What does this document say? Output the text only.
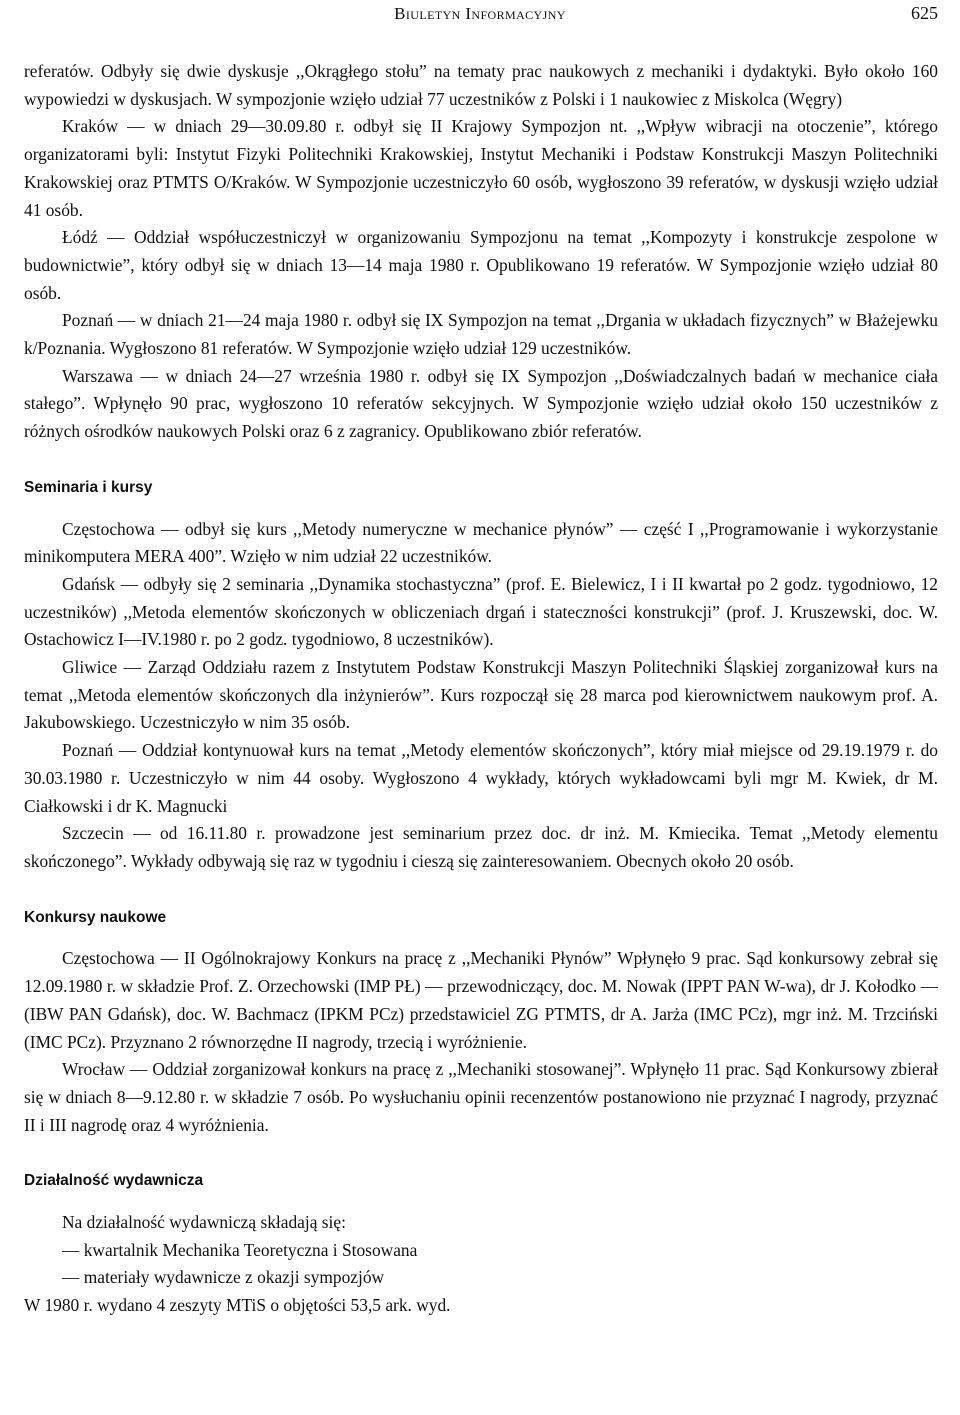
Biuletyn Informacyjny	625

referatów. Odbyły się dwie dyskusje ,,Okrągłego stołu” na tematy prac naukowych z mechaniki i dydaktyki. Było około 160 wypowiedzi w dyskusjach. W sympozjonie wzięło udział 77 uczestników z Polski i 1 naukowiec z Miskolca (Węgry)

Kraków — w dniach 29—30.09.80 r. odbył się II Krajowy Sympozjon nt. ,,Wpływ wibracji na otoczenie”, którego organizatorami byli: Instytut Fizyki Politechniki Krakowskiej, Instytut Mechaniki i Podstaw Konstrukcji Maszyn Politechniki Krakowskiej oraz PTMTS O/Kraków. W Sympozjonie uczestniczyło 60 osób, wygłoszono 39 referatów, w dyskusji wzięło udział 41 osób.

Łódź — Oddział współuczestniczył w organizowaniu Sympozjonu na temat ,,Kompozyty i konstrukcje zespolone w budownictwie”, który odbył się w dniach 13—14 maja 1980 r. Opublikowano 19 referatów. W Sympozjonie wzięło udział 80 osób.

Poznań — w dniach 21—24 maja 1980 r. odbył się IX Sympozjon na temat ,,Drgania w układach fizycznych” w Błażejewku k/Poznania. Wygłoszono 81 referatów. W Sympozjonie wzięło udział 129 uczestników.

Warszawa — w dniach 24—27 września 1980 r. odbył się IX Sympozjon ,,Doświadczalnych badań w mechanice ciała stałego”. Wpłynęło 90 prac, wygłoszono 10 referatów sekcyjnych. W Sympozjonie wzięło udział około 150 uczestników z różnych ośrodków naukowych Polski oraz 6 z zagranicy. Opublikowano zbiór referatów.

Seminaria i kursy

Częstochowa — odbył się kurs ,,Metody numeryczne w mechanice płynów” — część I ,,Programowanie i wykorzystanie minikomputera MERA 400”. Wzięło w nim udział 22 uczestników.

Gdańsk — odbyły się 2 seminaria ,,Dynamika stochastyczna” (prof. E. Bielewicz, I i II kwartał po 2 godz. tygodniowo, 12 uczestników) ,,Metoda elementów skończonych w obliczeniach drgań i stateczności konstrukcji” (prof. J. Kruszewski, doc. W. Ostachowicz I—IV.1980 r. po 2 godz. tygodniowo, 8 uczestników).

Gliwice — Zarząd Oddziału razem z Instytutem Podstaw Konstrukcji Maszyn Politechniki Śląskiej zorganizował kurs na temat ,,Metoda elementów skończonych dla inżynierów”. Kurs rozpoczął się 28 marca pod kierownictwem naukowym prof. A. Jakubowskiego. Uczestniczyło w nim 35 osób.

Poznań — Oddział kontynuował kurs na temat ,,Metody elementów skończonych”, który miał miejsce od 29.19.1979 r. do 30.03.1980 r. Uczestniczyło w nim 44 osoby. Wygłoszono 4 wykłady, których wykładowcami byli mgr M. Kwiek, dr M. Ciałkowski i dr K. Magnucki

Szczecin — od 16.11.80 r. prowadzone jest seminarium przez doc. dr inż. M. Kmiecika. Temat ,,Metody elementu skończonego”. Wykłady odbywają się raz w tygodniu i cieszą się zainteresowaniem. Obecnych około 20 osób.

Konkursy naukowe

Częstochowa — II Ogólnokrajowy Konkurs na pracę z ,,Mechaniki Płynów” Wpłynęło 9 prac. Sąd konkursowy zebrał się 12.09.1980 r. w składzie Prof. Z. Orzechowski (IMP PŁ) — przewodniczący, doc. M. Nowak (IPPT PAN W-wa), dr J. Kołodko — (IBW PAN Gdańsk), doc. W. Bachmacz (IPKM PCz) przedstawiciel ZG PTMTS, dr A. Jarża (IMC PCz), mgr inż. M. Trzciński (IMC PCz). Przyznano 2 równorzędne II nagrody, trzecią i wyróżnienie.

Wrocław — Oddział zorganizował konkurs na pracę z ,,Mechaniki stosowanej”. Wpłynęło 11 prac. Sąd Konkursowy zbierał się w dniach 8—9.12.80 r. w składzie 7 osób. Po wysłuchaniu opinii recenzentów postanowiono nie przyznać I nagrody, przyznać II i III nagrodę oraz 4 wyróżnienia.

Działalność wydawnicza

Na działalność wydawniczą składają się:

— kwartalnik Mechanika Teoretyczna i Stosowana

— materiały wydawnicze z okazji sympozjów

W 1980 r. wydano 4 zeszyty MTiS o objętości 53,5 ark. wyd.
